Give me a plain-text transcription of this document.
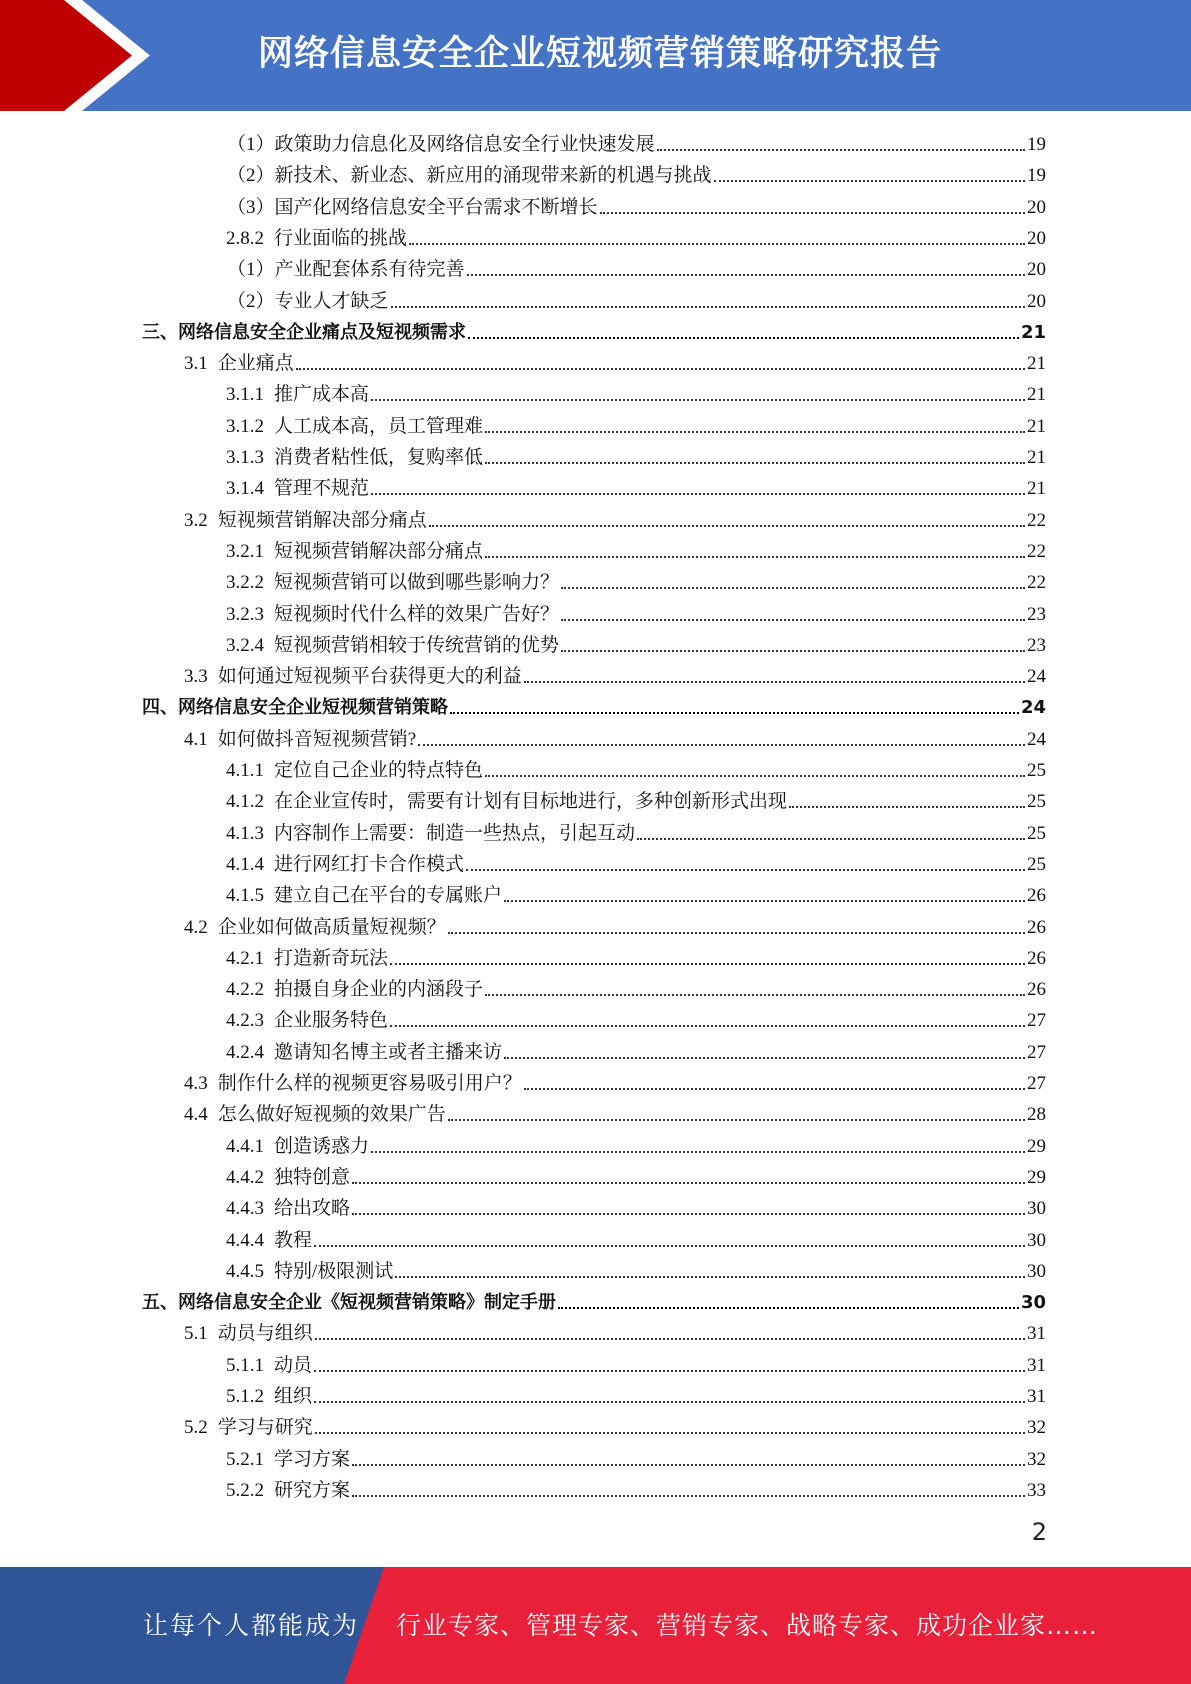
网络信息安全企业短视频营销策略研究报告
（1）政策助力信息化及网络信息安全行业快速发展	19
（2）新技术、新业态、新应用的涌现带来新的机遇与挑战	19
（3）国产化网络信息安全平台需求不断增长	20
2.8.2 行业面临的挑战	20
（1）产业配套体系有待完善	20
（2）专业人才缺乏	20
三、网络信息安全企业痛点及短视频需求	21
3.1 企业痛点	21
3.1.1 推广成本高	21
3.1.2 人工成本高，员工管理难	21
3.1.3 消费者粘性低，复购率低	21
3.1.4 管理不规范	21
3.2 短视频营销解决部分痛点	22
3.2.1 短视频营销解决部分痛点	22
3.2.2 短视频营销可以做到哪些影响力？	22
3.2.3 短视频时代什么样的效果广告好？	23
3.2.4 短视频营销相较于传统营销的优势	23
3.3 如何通过短视频平台获得更大的利益	24
四、网络信息安全企业短视频营销策略	24
4.1 如何做抖音短视频营销?	24
4.1.1 定位自己企业的特点特色	25
4.1.2 在企业宣传时，需要有计划有目标地进行，多种创新形式出现	25
4.1.3 内容制作上需要：制造一些热点，引起互动	25
4.1.4 进行网红打卡合作模式	25
4.1.5 建立自己在平台的专属账户	26
4.2 企业如何做高质量短视频？	26
4.2.1 打造新奇玩法	26
4.2.2 拍摄自身企业的内涵段子	26
4.2.3 企业服务特色	27
4.2.4 邀请知名博主或者主播来访	27
4.3 制作什么样的视频更容易吸引用户？	27
4.4 怎么做好短视频的效果广告	28
4.4.1 创造诱惑力	29
4.4.2 独特创意	29
4.4.3 给出攻略	30
4.4.4 教程	30
4.4.5 特别/极限测试	30
五、网络信息安全企业《短视频营销策略》制定手册	30
5.1 动员与组织	31
5.1.1 动员	31
5.1.2 组织	31
5.2 学习与研究	32
5.2.1 学习方案	32
5.2.2 研究方案	33
2
让每个人都能成为 行业专家、管理专家、营销专家、战略专家、成功企业家……
